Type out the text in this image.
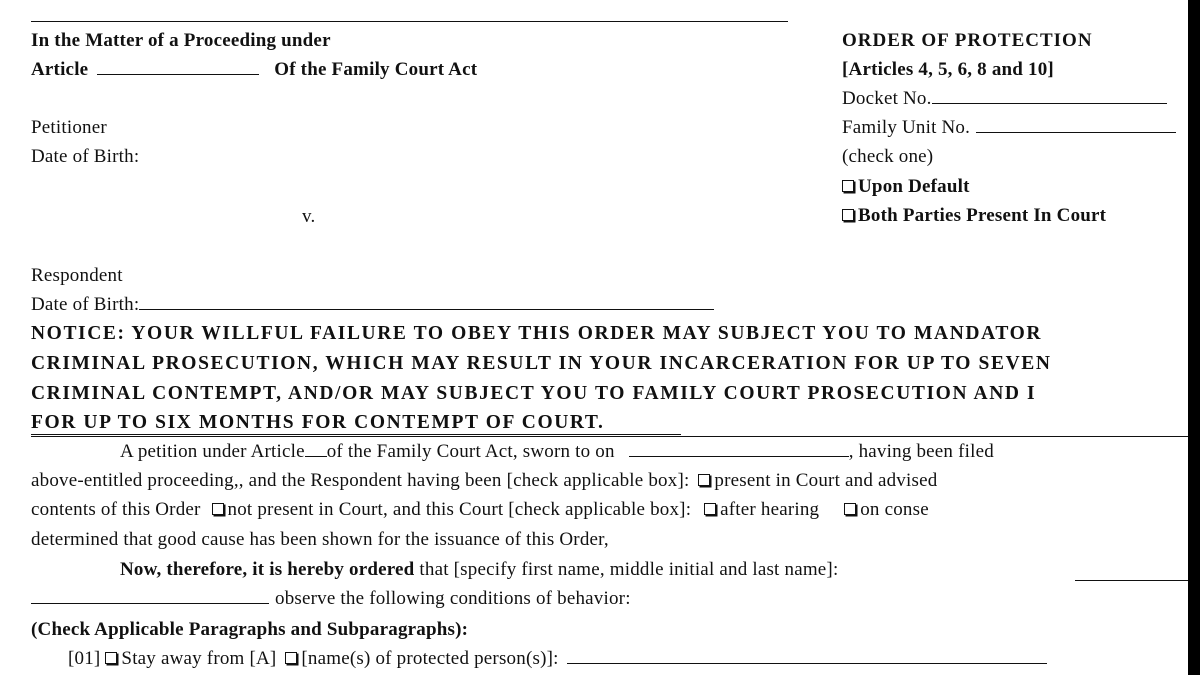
In the Matter of a Proceeding under
Article	Of the Family Court Act
Petitioner
Date of Birth:
v.
Respondent
Date of Birth:
ORDER OF PROTECTION
[Articles 4, 5, 6, 8 and 10]
Docket No.
Family Unit No.
(check one)
Upon Default
Both Parties Present In Court
NOTICE: YOUR WILLFUL FAILURE TO OBEY THIS ORDER MAY SUBJECT YOU TO MANDATOR
CRIMINAL PROSECUTION, WHICH MAY RESULT IN YOUR INCARCERATION FOR UP TO SEVEN
CRIMINAL CONTEMPT, AND/OR MAY SUBJECT YOU TO FAMILY COURT PROSECUTION AND I
FOR UP TO SIX MONTHS FOR CONTEMPT OF COURT.
A petition under Article of the Family Court Act, sworn to on	, having been filed
above-entitled proceeding,, and the Respondent having been [check applicable box]: present in Court and advised
contents of this Order not present in Court, and this Court [check applicable box]: after hearing on conse
determined that good cause has been shown for the issuance of this Order,
Now, therefore, it is hereby ordered that [specify first name, middle initial and last name]:
observe the following conditions of behavior:
(Check Applicable Paragraphs and Subparagraphs):
[01] Stay away from [A] [name(s) of protected person(s)]:
